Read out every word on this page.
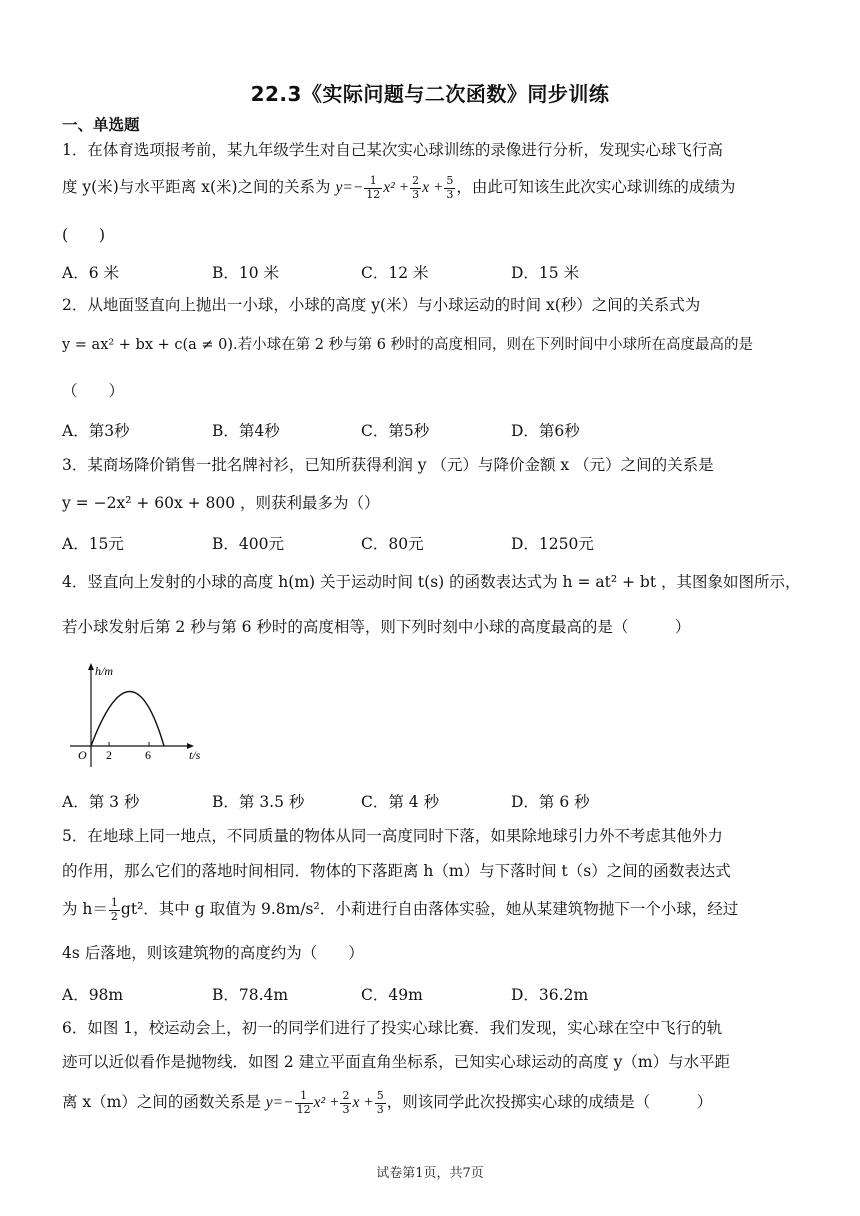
22.3《实际问题与二次函数》同步训练
一、单选题
1．在体育选项报考前，某九年级学生对自己某次实心球训练的录像进行分析，发现实心球飞行高
度 y(米)与水平距离 x(米)之间的关系为 $y=- \frac{1}{12} x^2 + \frac{2}{3}$ $x + \frac{5}{3}$ ，由此可知该生此次实心球训练的成绩为
(　　)
A．6 米	B．10 米	C．12 米	D．15 米
2．从地面竖直向上抛出一小球，小球的高度 y(米）与小球运动的时间 x(秒）之间的关系式为
y = ax² + bx + c(a ≠ 0).若小球在第 2 秒与第 6 秒时的高度相同，则在下列时间中小球所在高度最高的是
（　　）
A．第3秒	B．第4秒	C．第5秒	D．第6秒
3．某商场降价销售一批名牌衬衫，已知所获得利润 y （元）与降价金额 x （元）之间的关系是
y = −2x² + 60x + 800 ，则获利最多为（）
A．15元	B．400元	C．80元	D．1250元
4．竖直向上发射的小球的高度 h(m) 关于运动时间 t(s) 的函数表达式为 h = at² + bt ，其图象如图所示，
若小球发射后第 2 秒与第 6 秒时的高度相等，则下列时刻中小球的高度最高的是（　　　）
h/m
O 2	6	t/s
A．第 3 秒	B．第 3.5 秒	C．第 4 秒	D．第 6 秒
5．在地球上同一地点，不同质量的物体从同一高度同时下落，如果除地球引力外不考虑其他外力
的作用，那么它们的落地时间相同．物体的下落距离 h（m）与下落时间 t（s）之间的函数表达式
为 $h= \frac{1}{2} gt^2$．其中 g 取值为 9.8m/s²．小莉进行自由落体实验，她从某建筑物抛下一个小球，经过
4s 后落地，则该建筑物的高度约为（　　）
A．98m	B．78.4m	C．49m	D．36.2m
6．如图 1，校运动会上，初一的同学们进行了投实心球比赛．我们发现，实心球在空中飞行的轨
迹可以近似看作是抛物线．如图 2 建立平面直角坐标系，已知实心球运动的高度 y（m）与水平距
离 x（m）之间的函数关系是 $y=- \frac{1}{12} x^2 + \frac{2}{3}$ $x + \frac{5}{3}$ ，则该同学此次投掷实心球的成绩是（　　　）
试卷第1页，共7页
